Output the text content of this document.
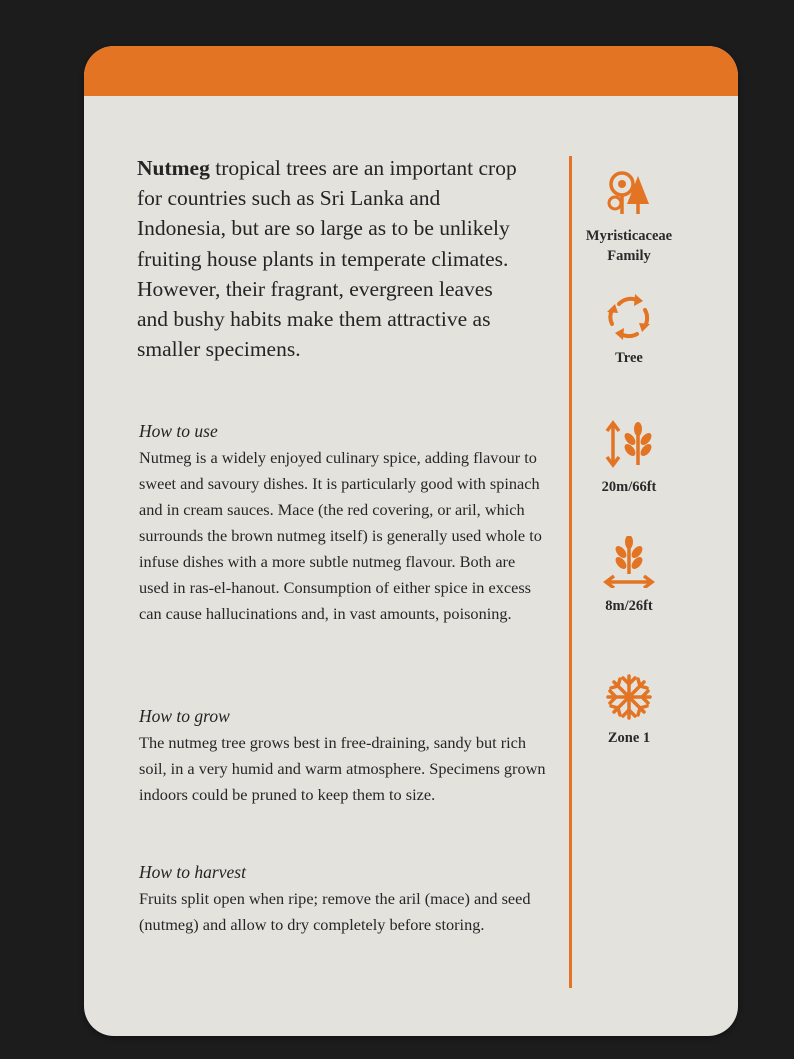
Nutmeg tropical trees are an important crop for countries such as Sri Lanka and Indonesia, but are so large as to be unlikely fruiting house plants in temperate climates. However, their fragrant, evergreen leaves and bushy habits make them attractive as smaller specimens.

How to use

Nutmeg is a widely enjoyed culinary spice, adding flavour to sweet and savoury dishes. It is particularly good with spinach and in cream sauces. Mace (the red covering, or aril, which surrounds the brown nutmeg itself) is generally used whole to infuse dishes with a more subtle nutmeg flavour. Both are used in ras-el-hanout. Consumption of either spice in excess can cause hallucinations and, in vast amounts, poisoning.

How to grow

The nutmeg tree grows best in free-draining, sandy but rich soil, in a very humid and warm atmosphere. Specimens grown indoors could be pruned to keep them to size.

How to harvest

Fruits split open when ripe; remove the aril (mace) and seed (nutmeg) and allow to dry completely before storing.

Myristicaceae
Family
Tree
20m/66ft
8m/26ft
Zone 1
